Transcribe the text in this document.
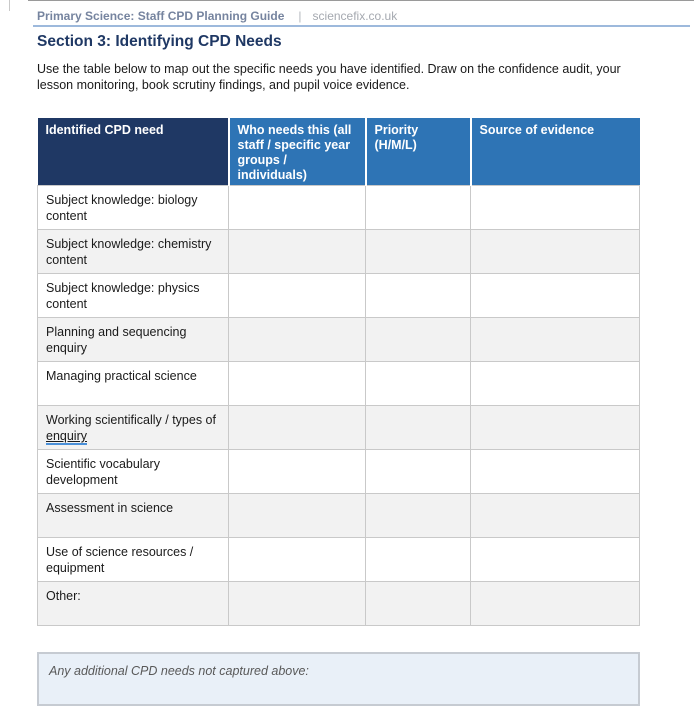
Primary Science: Staff CPD Planning Guide | sciencefix.co.uk
Section 3: Identifying CPD Needs

Use the table below to map out the specific needs you have identified. Draw on the confidence audit, your lesson monitoring, book scrutiny findings, and pupil voice evidence.

Identified CPD need	Who needs this (all staff / specific year groups / individuals)	Priority (H/M/L)	Source of evidence
Subject knowledge: biology content			
Subject knowledge: chemistry content			
Subject knowledge: physics content			
Planning and sequencing enquiry			
Managing practical science			
Working scientifically / types of enquiry			
Scientific vocabulary development			
Assessment in science			
Use of science resources / equipment			
Other:			
Any additional CPD needs not captured above:
